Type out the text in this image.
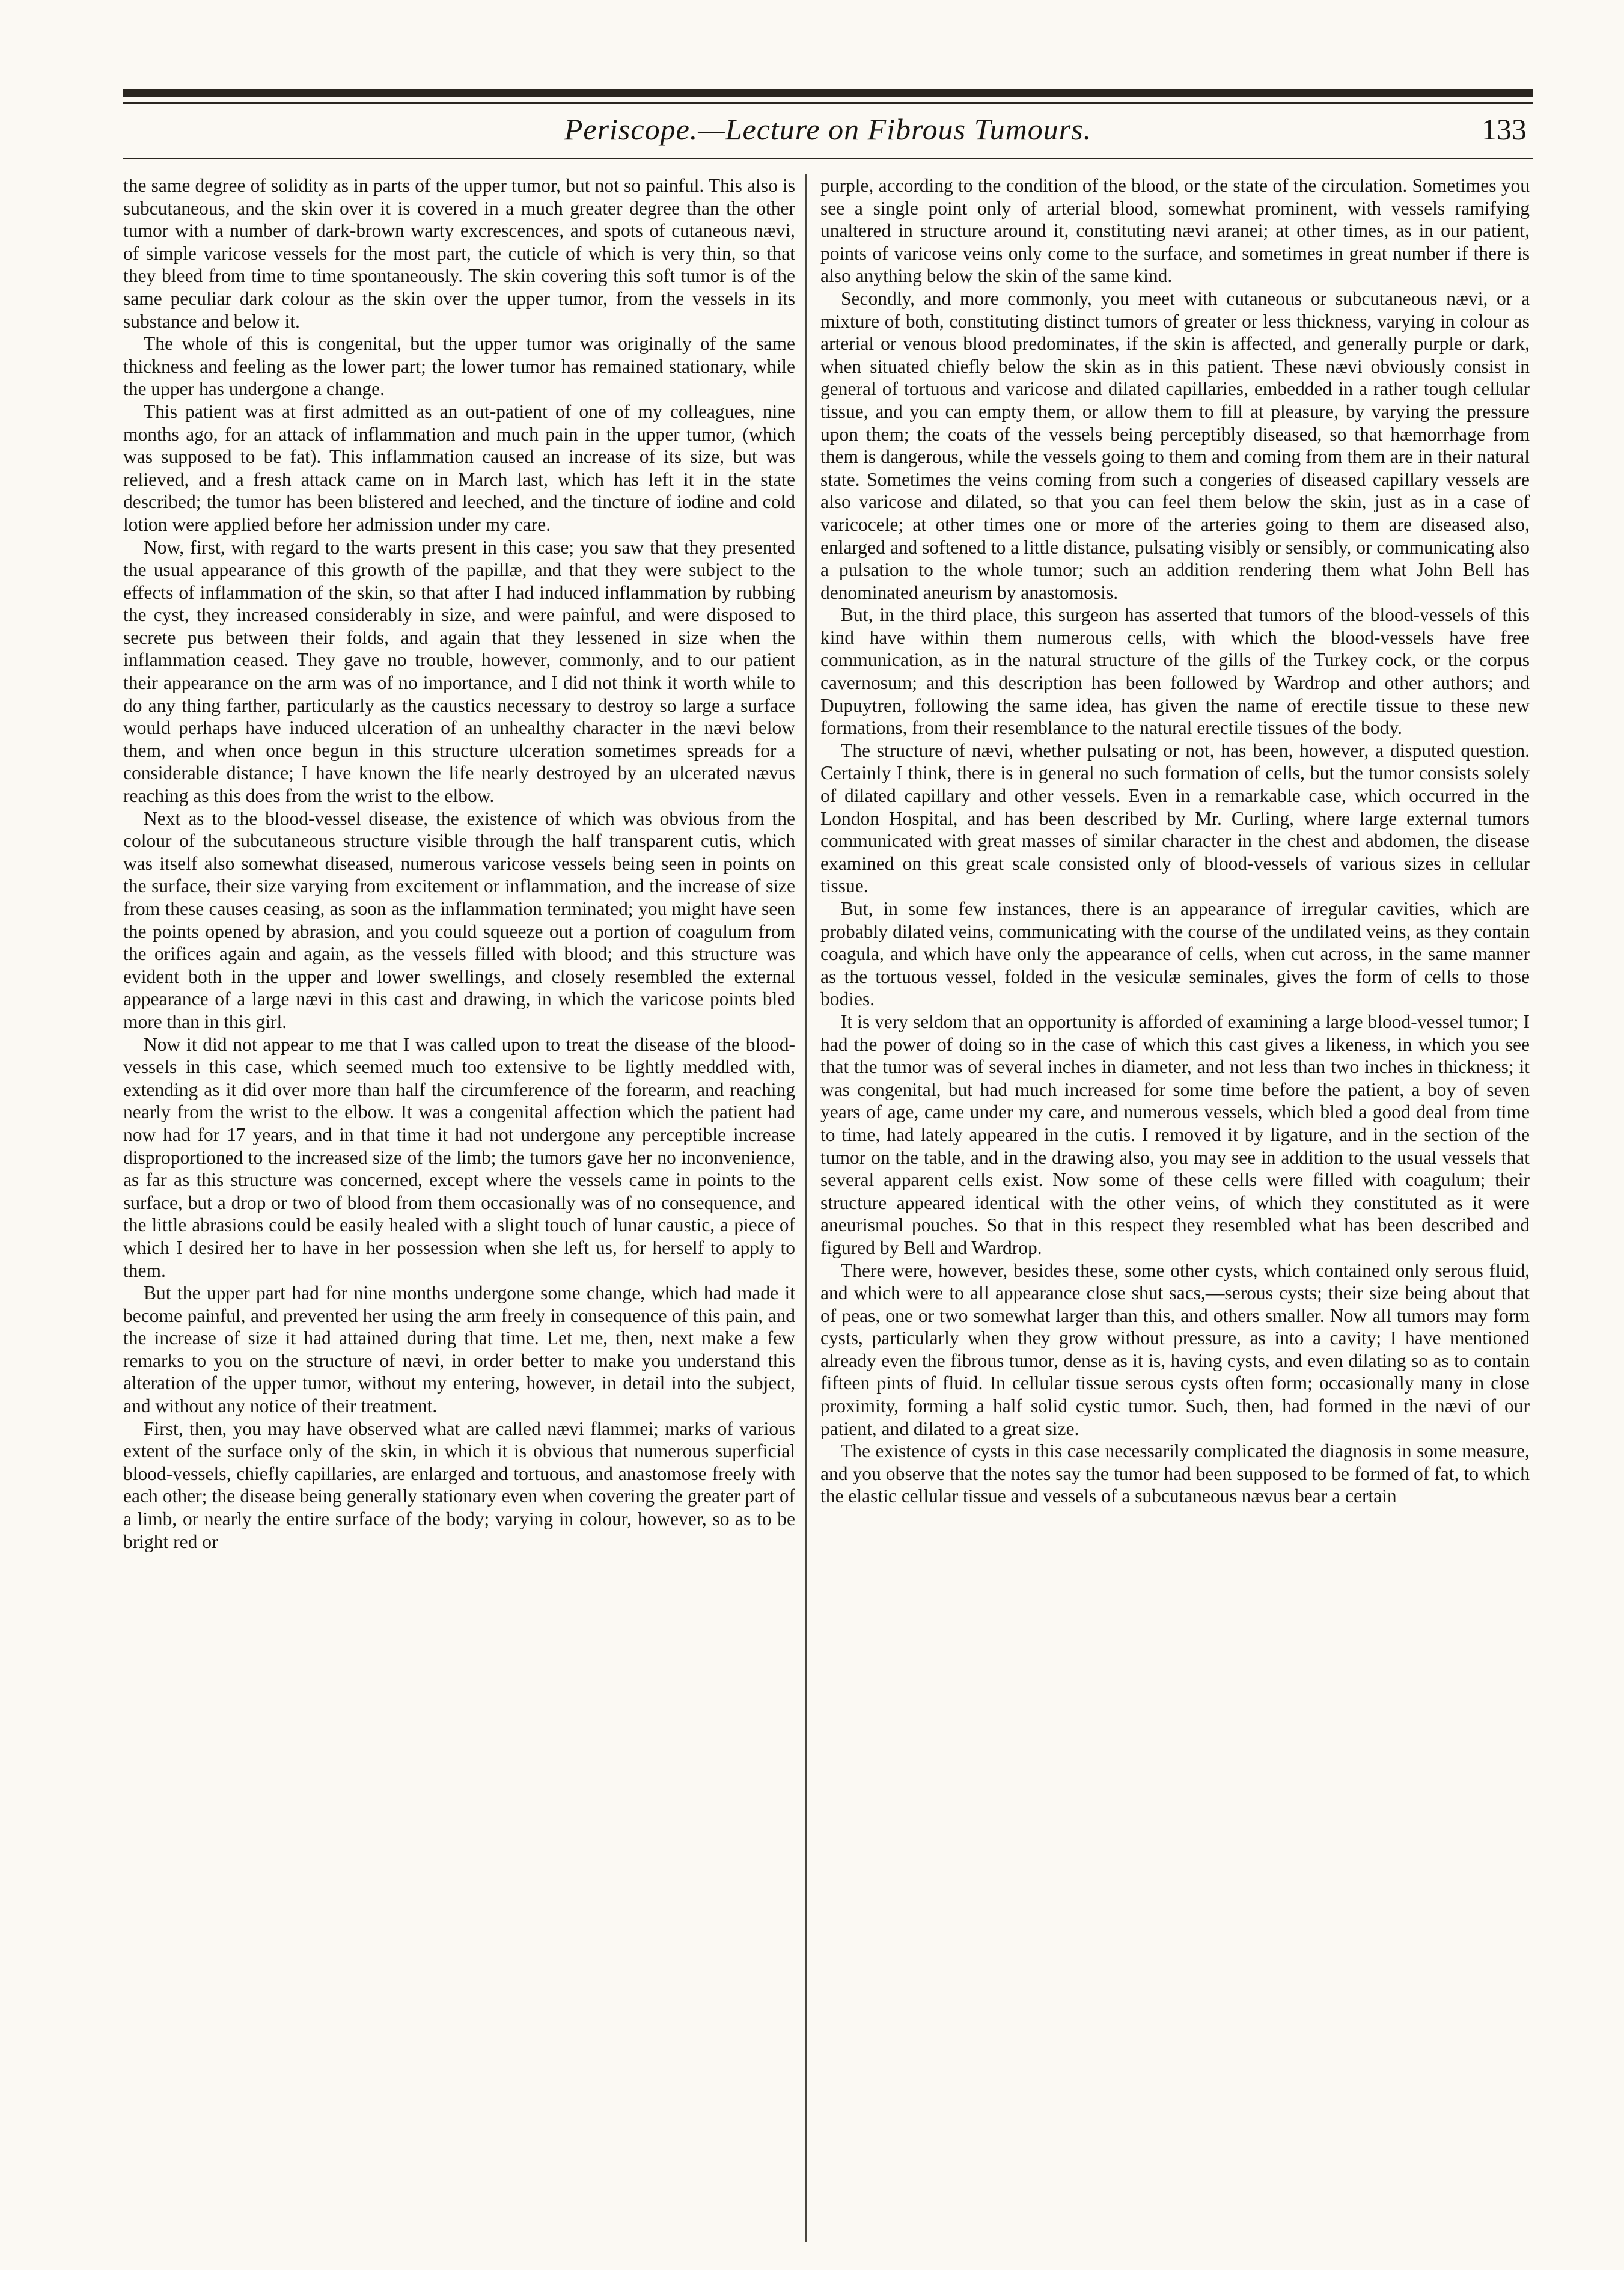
Periscope.—Lecture on Fibrous Tumours.	133

the same degree of solidity as in parts of the upper tumor, but not so painful. This also is subcutaneous, and the skin over it is covered in a much greater degree than the other tumor with a number of dark-brown warty excrescences, and spots of cutaneous nævi, of simple varicose vessels for the most part, the cuticle of which is very thin, so that they bleed from time to time spontaneously. The skin covering this soft tumor is of the same peculiar dark colour as the skin over the upper tumor, from the vessels in its substance and below it.

The whole of this is congenital, but the upper tumor was originally of the same thickness and feeling as the lower part; the lower tumor has remained stationary, while the upper has undergone a change.

This patient was at first admitted as an out-patient of one of my colleagues, nine months ago, for an attack of inflammation and much pain in the upper tumor, (which was supposed to be fat). This inflammation caused an increase of its size, but was relieved, and a fresh attack came on in March last, which has left it in the state described; the tumor has been blistered and leeched, and the tincture of iodine and cold lotion were applied before her admission under my care.

Now, first, with regard to the warts present in this case; you saw that they presented the usual appearance of this growth of the papillæ, and that they were subject to the effects of inflammation of the skin, so that after I had induced inflammation by rubbing the cyst, they increased considerably in size, and were painful, and were disposed to secrete pus between their folds, and again that they lessened in size when the inflammation ceased. They gave no trouble, however, commonly, and to our patient their appearance on the arm was of no importance, and I did not think it worth while to do any thing farther, particularly as the caustics necessary to destroy so large a surface would perhaps have induced ulceration of an unhealthy character in the nævi below them, and when once begun in this structure ulceration sometimes spreads for a considerable distance; I have known the life nearly destroyed by an ulcerated nævus reaching as this does from the wrist to the elbow.

Next as to the blood-vessel disease, the existence of which was obvious from the colour of the subcutaneous structure visible through the half transparent cutis, which was itself also somewhat diseased, numerous varicose vessels being seen in points on the surface, their size varying from excitement or inflammation, and the increase of size from these causes ceasing, as soon as the inflammation terminated; you might have seen the points opened by abrasion, and you could squeeze out a portion of coagulum from the orifices again and again, as the vessels filled with blood; and this structure was evident both in the upper and lower swellings, and closely resembled the external appearance of a large nævi in this cast and drawing, in which the varicose points bled more than in this girl.

Now it did not appear to me that I was called upon to treat the disease of the blood-vessels in this case, which seemed much too extensive to be lightly meddled with, extending as it did over more than half the circumference of the forearm, and reaching nearly from the wrist to the elbow. It was a congenital affection which the patient had now had for 17 years, and in that time it had not undergone any perceptible increase disproportioned to the increased size of the limb; the tumors gave her no inconvenience, as far as this structure was concerned, except where the vessels came in points to the surface, but a drop or two of blood from them occasionally was of no consequence, and the little abrasions could be easily healed with a slight touch of lunar caustic, a piece of which I desired her to have in her possession when she left us, for herself to apply to them.

But the upper part had for nine months undergone some change, which had made it become painful, and prevented her using the arm freely in consequence of this pain, and the increase of size it had attained during that time. Let me, then, next make a few remarks to you on the structure of nævi, in order better to make you understand this alteration of the upper tumor, without my entering, however, in detail into the subject, and without any notice of their treatment.

First, then, you may have observed what are called nævi flammei; marks of various extent of the surface only of the skin, in which it is obvious that numerous superficial blood-vessels, chiefly capillaries, are enlarged and tortuous, and anastomose freely with each other; the disease being generally stationary even when covering the greater part of a limb, or nearly the entire surface of the body; varying in colour, however, so as to be bright red or

purple, according to the condition of the blood, or the state of the circulation. Sometimes you see a single point only of arterial blood, somewhat prominent, with vessels ramifying unaltered in structure around it, constituting nævi aranei; at other times, as in our patient, points of varicose veins only come to the surface, and sometimes in great number if there is also anything below the skin of the same kind.

Secondly, and more commonly, you meet with cutaneous or subcutaneous nævi, or a mixture of both, constituting distinct tumors of greater or less thickness, varying in colour as arterial or venous blood predominates, if the skin is affected, and generally purple or dark, when situated chiefly below the skin as in this patient. These nævi obviously consist in general of tortuous and varicose and dilated capillaries, embedded in a rather tough cellular tissue, and you can empty them, or allow them to fill at pleasure, by varying the pressure upon them; the coats of the vessels being perceptibly diseased, so that hæmorrhage from them is dangerous, while the vessels going to them and coming from them are in their natural state. Sometimes the veins coming from such a congeries of diseased capillary vessels are also varicose and dilated, so that you can feel them below the skin, just as in a case of varicocele; at other times one or more of the arteries going to them are diseased also, enlarged and softened to a little distance, pulsating visibly or sensibly, or communicating also a pulsation to the whole tumor; such an addition rendering them what John Bell has denominated aneurism by anastomosis.

But, in the third place, this surgeon has asserted that tumors of the blood-vessels of this kind have within them numerous cells, with which the blood-vessels have free communication, as in the natural structure of the gills of the Turkey cock, or the corpus cavernosum; and this description has been followed by Wardrop and other authors; and Dupuytren, following the same idea, has given the name of erectile tissue to these new formations, from their resemblance to the natural erectile tissues of the body.

The structure of nævi, whether pulsating or not, has been, however, a disputed question. Certainly I think, there is in general no such formation of cells, but the tumor consists solely of dilated capillary and other vessels. Even in a remarkable case, which occurred in the London Hospital, and has been described by Mr. Curling, where large external tumors communicated with great masses of similar character in the chest and abdomen, the disease examined on this great scale consisted only of blood-vessels of various sizes in cellular tissue.

But, in some few instances, there is an appearance of irregular cavities, which are probably dilated veins, communicating with the course of the undilated veins, as they contain coagula, and which have only the appearance of cells, when cut across, in the same manner as the tortuous vessel, folded in the vesiculæ seminales, gives the form of cells to those bodies.

It is very seldom that an opportunity is afforded of examining a large blood-vessel tumor; I had the power of doing so in the case of which this cast gives a likeness, in which you see that the tumor was of several inches in diameter, and not less than two inches in thickness; it was congenital, but had much increased for some time before the patient, a boy of seven years of age, came under my care, and numerous vessels, which bled a good deal from time to time, had lately appeared in the cutis. I removed it by ligature, and in the section of the tumor on the table, and in the drawing also, you may see in addition to the usual vessels that several apparent cells exist. Now some of these cells were filled with coagulum; their structure appeared identical with the other veins, of which they constituted as it were aneurismal pouches. So that in this respect they resembled what has been described and figured by Bell and Wardrop.

There were, however, besides these, some other cysts, which contained only serous fluid, and which were to all appearance close shut sacs,—serous cysts; their size being about that of peas, one or two somewhat larger than this, and others smaller. Now all tumors may form cysts, particularly when they grow without pressure, as into a cavity; I have mentioned already even the fibrous tumor, dense as it is, having cysts, and even dilating so as to contain fifteen pints of fluid. In cellular tissue serous cysts often form; occasionally many in close proximity, forming a half solid cystic tumor. Such, then, had formed in the nævi of our patient, and dilated to a great size.

The existence of cysts in this case necessarily complicated the diagnosis in some measure, and you observe that the notes say the tumor had been supposed to be formed of fat, to which the elastic cellular tissue and vessels of a subcutaneous nævus bear a certain
